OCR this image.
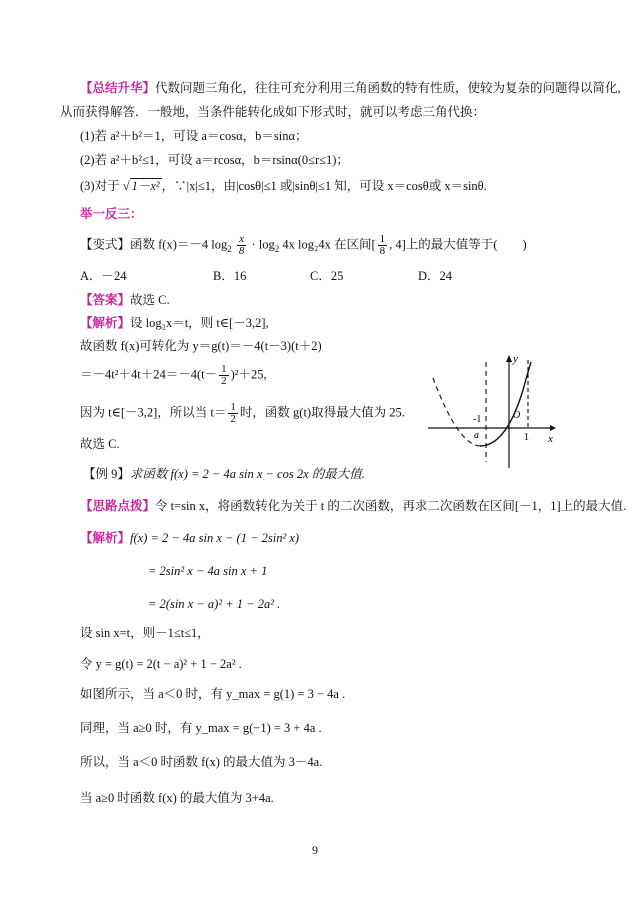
【总结升华】代数问题三角化，往往可充分利用三角函数的特有性质，使较为复杂的问题得以简化,
从而获得解答．一般地，当条件能转化成如下形式时，就可以考虑三角代换：
(1)若 a²＋b²＝1，可设 a＝cosα，b＝sinα；
(2)若 a²＋b²≤1，可设 a＝rcosα，b＝rsinα(0≤r≤1)；
(3)对于 √ 1－x² ，∵|x|≤1，由|cosθ|≤1 或|sinθ|≤1 知，可设 x＝cosθ或 x＝sinθ.
举一反三：
【变式】函数 f(x)＝－4 $\log_2 \frac{x}{8} \cdot \log_2 4x$ log₂4x 在区间[ $\frac{1}{8}$ , 4]上的最大值等于(　　)
A．－24	B．16	C．25	D．24
【答案】故选 C.
【解析】设 log₂x＝t，则 t∈[－3,2],
故函数 f(x)可转化为 y＝g(t)＝－4(t－3)(t＋2)
$=-4t^2+4t+24=-4(t- \frac{1}{2} )^2+25$,
因为 t∈[－3,2]，所以当 $t= \frac{1}{2}$ 时，函数 g(t)取得最大值为 25.
故选 C.
y
x
O
-1
1
a
【例 9】求函数 f(x) = 2 − 4a sin x − cos 2x 的最大值.
【思路点拨】令 t=sin x，将函数转化为关于 t 的二次函数，再求二次函数在区间[－1，1]上的最大值.
【解析】f(x) = 2 − 4a sin x − (1 − 2sin² x)
= 2sin² x − 4a sin x + 1
= 2(sin x − a)² + 1 − 2a² .
设 sin x=t，则－1≤t≤1，
令 y = g(t) = 2(t − a)² + 1 − 2a² .
如图所示，当 a＜0 时，有 y_max = g(1) = 3 − 4a .
同理，当 a≥0 时，有 y_max = g(−1) = 3 + 4a .
所以，当 a＜0 时函数 f(x) 的最大值为 3－4a.
当 a≥0 时函数 f(x) 的最大值为 3+4a.
9
